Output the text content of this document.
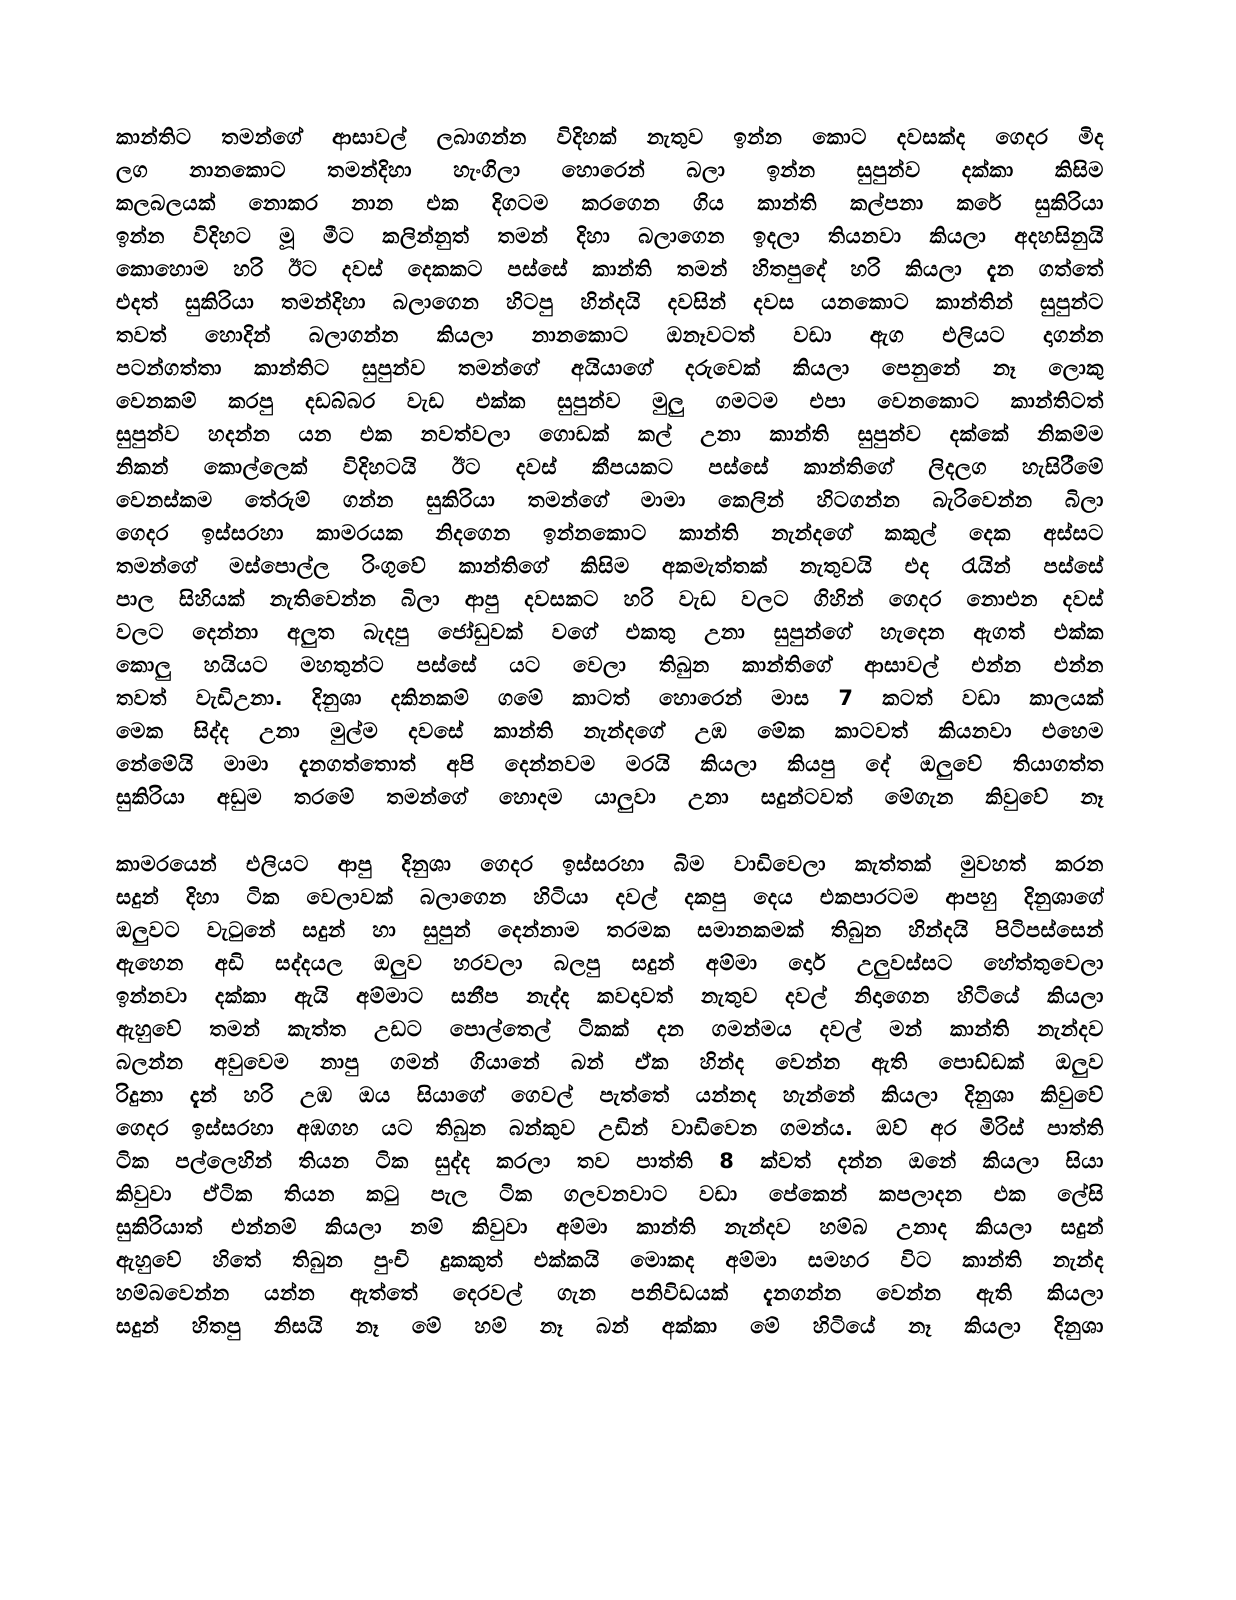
කාන්තිට තමන්ගේ ආසාවල් ලබාගන්න විදිහක් නැතුව ඉන්න කොට දවසක්ද ගෙදර මිද
ලග නානකොට තමන්දිහා හැංගිලා හොරෙන් බලා ඉන්න සුපුන්ව දක්කා කිසිම
කලබලයක් නොකර නාන එක දිගටම කරගෙන ගිය කාන්ති කල්පනා කරේ සුකිරියා
ඉන්න විදිහට මූ මීට කලින්නුත් තමන් දිහා බලාගෙන ඉදලා තියනවා කියලා අදහසිනුයි
කොහොම හරි ඊට දවස් දෙකකට පස්සේ කාන්ති තමන් හිතපුදේ හරි කියලා දැන ගත්තේ
එදත් සුකිරියා තමන්දිහා බලාගෙන හිටපු හින්දයි දවසින් දවස යනකොට කාන්තින් සුපුන්ට
තවත් හොදින් බලාගන්න කියලා නානකොට ඔනෑවටත් වඩා ඇග එලියට දාගන්න
පටන්ගත්තා කාන්තිට සුපුන්ව තමන්ගේ අයියාගේ දරුවෙක් කියලා පෙනුනේ නෑ ලොකු
වෙනකම් කරපු දඩබ්බර වැඩ එක්ක සුපුන්ව මුලු ගමටම එපා වෙනකොට කාන්තිටත්
සුපුන්ව හදන්න යන එක නවත්වලා ගොඩක් කල් උනා කාන්ති සුපුන්ව දක්කේ නිකම්ම
නිකන් කොල්ලෙක් විදිහටයි ඊට දවස් කීපයකට පස්සේ කාන්තිගේ ලිදලග හැසිරීමේ
වෙනස්කම තේරුම් ගන්න සුකිරියා තමන්ගේ මාමා කෙලින් හිටගන්න බැරිවෙන්න බිලා
ගෙදර ඉස්සරහා කාමරයක නිදගෙන ඉන්නකොට කාන්ති නැන්දගේ කකුල් දෙක අස්සට
තමන්ගේ මස්පොල්ල රිංගුවේ කාන්තිගේ කිසිම අකමැත්තක් නැතුවයි එද රැයින් පස්සේ
පාල සිහියක් නැතිවෙන්න බිලා ආපු දවසකට හරි වැඩ වලට ගිහින් ගෙදර නොඑන දවස්
වලට දෙන්නා අලුත බැදපු ජෝඩුවක් වගේ එකතු උනා සුපුන්ගේ හැදෙන ඇගත් එක්ක
කොලු හයියට මහතුන්ට පස්සේ යට වෙලා තිබුන කාන්තිගේ ආසාවල් එන්න එන්න
තවත් වැඩිඋනා. දිනුශා දකිනකම් ගමේ කාටත් හොරෙන් මාස 7 කටත් වඩා කාලයක්
මෙක සිද්ද උනා මුල්ම දවසේ කාන්ති නැන්දගේ උඹ මේක කාටවත් කියනවා එහෙම
නේමේයි මාමා දැනගත්තොත් අපි දෙන්නවම මරයි කියලා කියපු දේ ඔලුවේ තියාගත්ත
සුකිරියා අඩුම තරමේ තමන්ගේ හොදම යාලුවා උනා සදුන්ටවත් මේගැන කිවුවේ නෑ
කාමරයෙන් එලියට ආපු දිනුශා ගෙදර ඉස්සරහා බිම වාඩිවෙලා කැත්තක් මුවහත් කරන
සදුන් දිහා ටික වෙලාවක් බලාගෙන හිටියා දවල් දකපු දෙය එකපාරටම ආපහු දිනුශාගේ
ඔලුවට වැටුනේ සදුන් හා සුපුන් දෙන්නාම තරමක සමානකමක් තිබුන හින්දයි පිටිපස්සෙන්
ඇහෙන අඩි සද්දයල ඔලුව හරවලා බලපු සදුන් අම්මා දොර් උලුවස්සට හේත්තුවෙලා
ඉන්නවා දක්කා ඇයි අම්මාට සනීප නැද්ද කවදාවත් නැතුව දවල් නිදාගෙන හිටියේ කියලා
ඇහුවේ තමන් කැත්ත උඩට පොල්තෙල් ටිකක් දන ගමන්මය දවල් මන් කාන්ති නැන්දව
බලන්න අවුවෙම නාපු ගමන් ගියානේ බන් ඒක හින්ද වෙන්න ඇති පොඩ්ඩක් ඔලුව
රිදුනා දැන් හරි උඹ ඔය සියාගේ ගෙවල් පැත්තේ යන්නද හැන්නේ කියලා දිනුශා කිවුවේ
ගෙදර ඉස්සරහා අඹගහ යට තිබුන බන්කුව උඩින් වාඩිවෙන ගමන්ය. ඔව් අර මිරිස් පාත්ති
ටික පල්ලෙහින් තියන ටික සුද්ද කරලා තව පාත්ති 8 ක්වත් දන්න ඔනේ කියලා සියා
කිවුවා ඒටික තියන කටු පැල ටික ගලවනවාට වඩා පේකෙන් කපලාදන එක ලේසි
සුකිරියාත් එන්නම් කියලා නම් කිවුවා අම්මා කාන්ති නැන්දව හම්බ උනාද කියලා සදුන්
ඇහුවේ හිතේ තිබුන පුංචි දුකකුත් එක්කයි මොකද අම්මා සමහර විට කාන්ති නැන්ද
හම්බවෙන්න යන්න ඇත්තේ දෙරවල් ගැන පනිවිඩයක් දැනගන්න වෙන්න ඇති කියලා
සදුන් හිතපු නිසයි නෑ මේ හම් නෑ බන් අක්කා මේ හිටියේ නෑ කියලා දිනුශා
